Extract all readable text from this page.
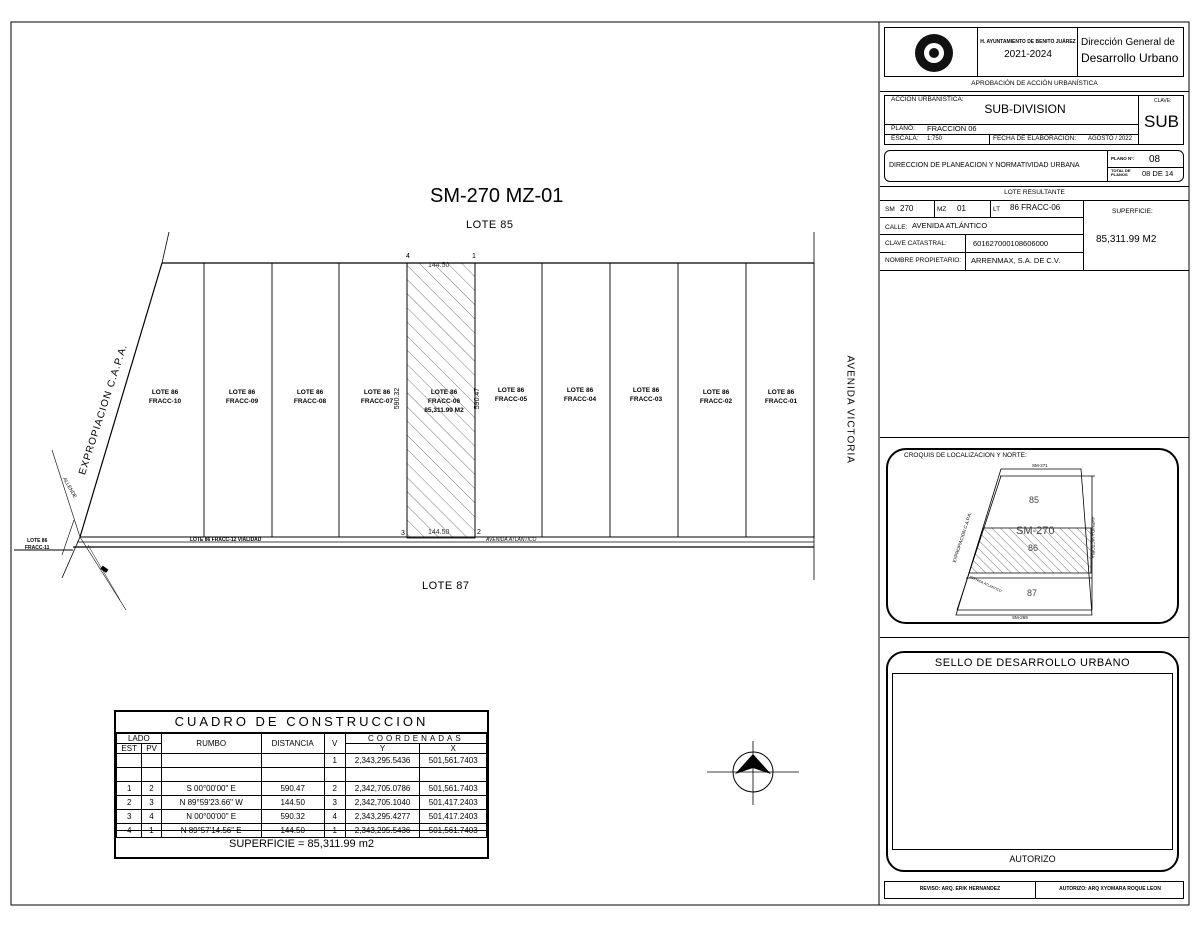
SM-270 MZ-01
LOTE 85
LOTE 87
AVENIDA VICTORIA
EXPROPIACION C.A.P.A.
ALLENDE
LOTE 86 FRACC-12 VIALIDAD	AVENIDA ATLANTICO
LOTE 86
FRACC-11
LOTE 86
FRACC-10
LOTE 86
FRACC-09
LOTE 86
FRACC-08
LOTE 86
FRACC-07
LOTE 86
FRACC-06
85,311.99 M2
LOTE 86
FRACC-05
LOTE 86
FRACC-04
LOTE 86
FRACC-03
LOTE 86
FRACC-02
LOTE 86
FRACC-01
144.50
144.50
590.32	590.47
4	1
3	2
CUADRO DE CONSTRUCCION
LADO		RUMBO	DISTANCIA	V	COORDENADAS	
EST	PV				Y	X
				1	2,343,295.5436	501,561.7403

1	2	S 00°00'00" E	590.47	2	2,342,705.0786	501,561.7403
2	3	N 89°59'23.66" W	144.50	3	2,342,705.1040	501,417.2403
3	4	N 00°00'00" E	590.32	4	2,343,295.4277	501,417.2403
4	1	N 89°57'14.56" E	144.50	1	2,343,295.5436	501,561.7403
SUPERFICIE = 85,311.99 m2
H. AYUNTAMIENTO DE BENITO JUÁREZ
2021-2024
Dirección General de
Desarrollo Urbano
APROBACIÓN DE ACCIÓN URBANÍSTICA
ACCION URBANISTICA:
SUB-DIVISION
CLAVE:
SUB
PLANO: FRACCION 06
ESCALA: 1:750	FECHA DE ELABORACIÓN: AGOSTO / 2022
DIRECCION DE PLANEACION Y NORMATIVIDAD URBANA
PLANO N°: 08
TOTAL DE PLANOS	08 DE 14
LOTE RESULTANTE
SM 270	MZ 01	LT 86 FRACC-06	SUPERFICIE:
85,311.99 M2
CALLE: AVENIDA ATLÁNTICO
CLAVE CATASTRAL:	601627000108606000
NOMBRE PROPIETARIO: ARRENMAX, S.A. DE C.V.
CROQUIS DE LOCALIZACION Y NORTE:
SM-271
SM-269
85
SM-270
86
87
EXPROPIACION C.A.P.A.	AVENIDA VICTORIA
AVENIDA ATLANTICO
SELLO DE DESARROLLO URBANO
AUTORIZO
REVISO: ARQ. ERIK HERNANDEZ	AUTORIZO: ARQ XYOMARA ROQUE LEON
